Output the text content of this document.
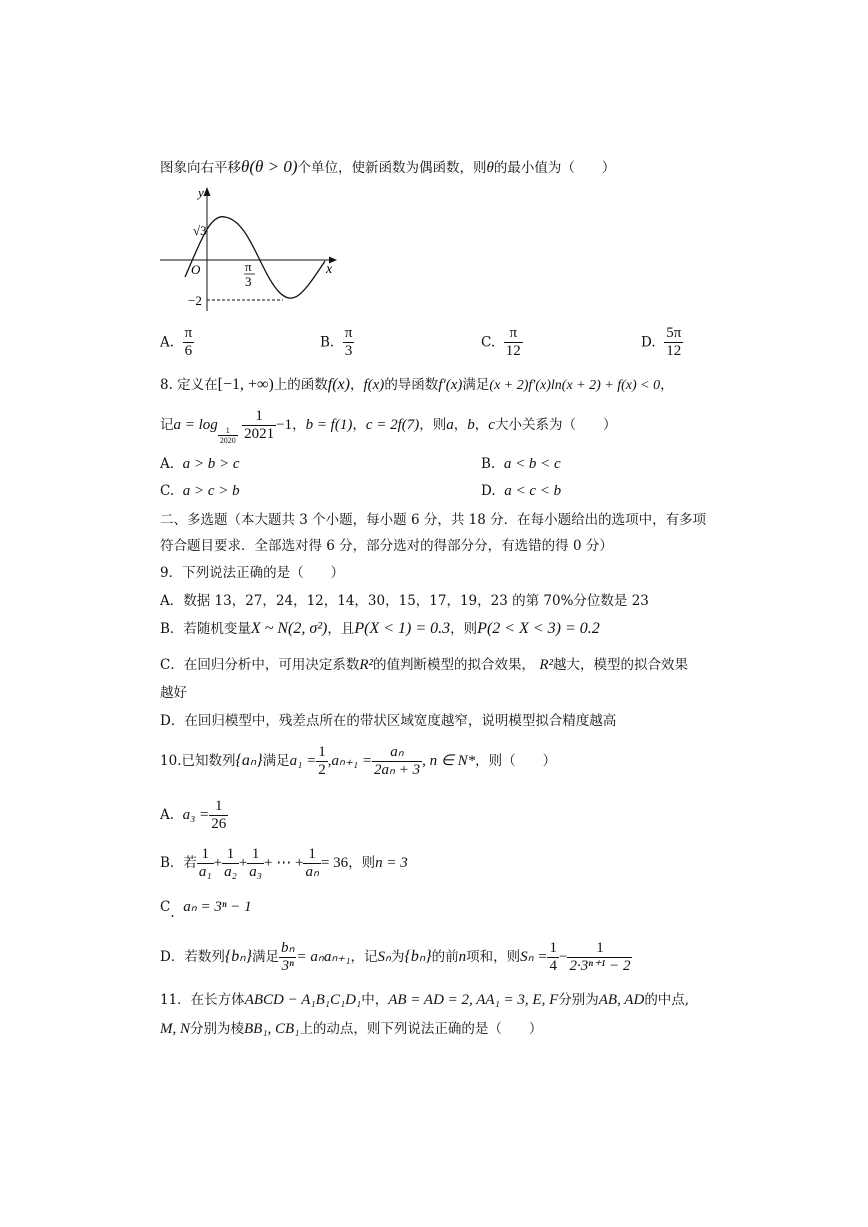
图象向右平移θ(θ > 0)个单位，使新函数为偶函数，则θ的最小值为（　　）
y
x
O
√3
π
3
−2
A. $\frac{\pi}{6}$	B. $\frac{\pi}{3}$	C. $\frac{\pi}{12}$	D. $\frac{5\pi}{12}$
8. 定义在[−1, +∞)上的函数f(x)，f(x)的导函数f′(x)满足(x + 2)f′(x)ln(x + 2) + f(x) < 0，
记a = log
$\frac{1}{2020}$
$\frac{1}{2021} -1$，b = f(1)，c = 2f(7)，则a，b，c大小关系为（　　）
A. a > b > c	B. a < b < c
C. a > c > b	D. a < c < b
二、多选题（本大题共 3 个小题，每小题 6 分，共 18 分．在每小题给出的选项中，有多项
符合题目要求．全部选对得 6 分，部分选对的得部分分，有选错的得 0 分）
9．下列说法正确的是（　　）
A．数据 13，27，24，12，14，30，15，17，19，23 的第 70%分位数是 23
B．若随机变量X ~ N(2, σ²)，且P(X < 1) = 0.3，则P(2 < X < 3) = 0.2
C．在回归分析中，可用决定系数R²的值判断模型的拟合效果， R²越大，模型的拟合效果
越好
D．在回归模型中，残差点所在的带状区域宽度越窄，说明模型拟合精度越高
10.已知数列{aₙ}满足$a_1 = \frac{1}{2} ,a_{n+1} = \frac{\text{aₙ}}{\text{2aₙ + 3}}$ , n ∈ N*，则（　　）
A. $a_3 = \frac{1}{26}$
B．若 $\frac{1}{\text{a₁}} + \frac{1}{\text{a₂}} + \frac{1}{\text{a₃}}$ + ⋯ + $\frac{1}{\text{aₙ}} = 36$，则n = 3
C. aₙ = 3ⁿ − 1
D．若数列{bₙ}满足 $\frac{\text{bₙ}}{\text{3ⁿ}} = a_na_{n+1}$，记Sₙ为{bₙ}的前n项和，则$S_n = \frac{1}{4} - \frac{1}{\text{2·3ⁿ⁺¹ − 2}}$
11．在长方体ABCD − A₁B₁C₁D₁中，AB = AD = 2, AA₁ = 3, E, F分别为AB, AD的中点,
M, N分别为棱BB₁, CB₁上的动点，则下列说法正确的是（　　）
